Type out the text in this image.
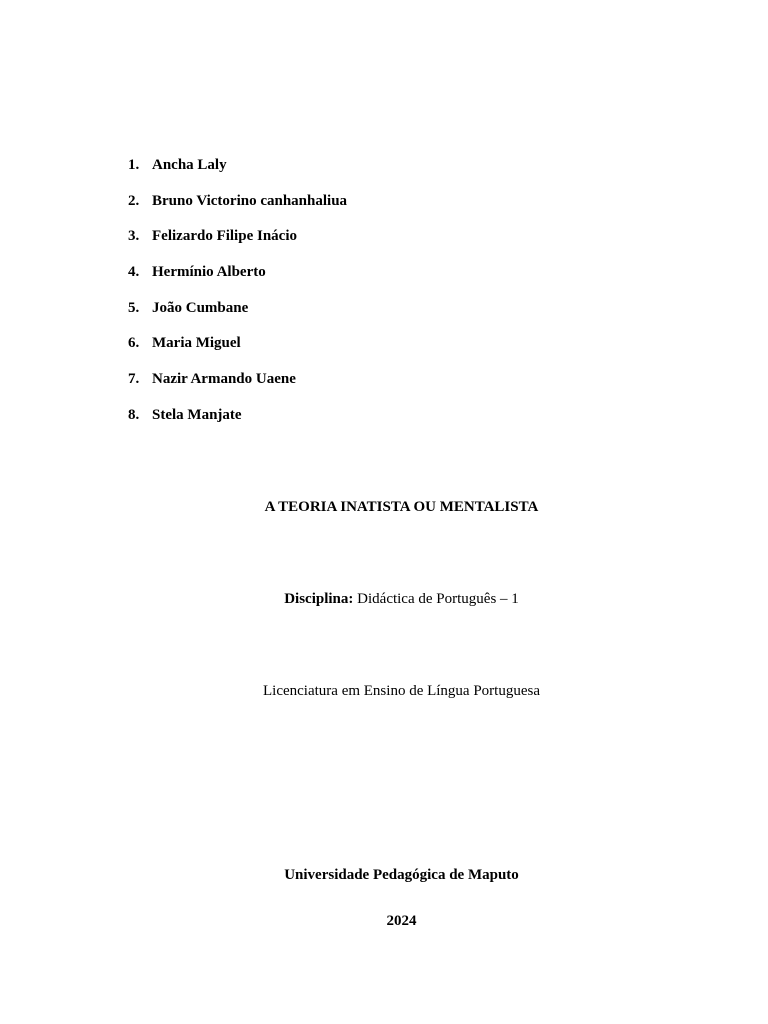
1. Ancha Laly
2. Bruno Victorino canhanhaliua
3. Felizardo Filipe Inácio
4. Hermínio Alberto
5. João Cumbane
6. Maria Miguel
7. Nazir Armando Uaene
8. Stela Manjate
A TEORIA INATISTA OU MENTALISTA
Disciplina: Didáctica de Português – 1
Licenciatura em Ensino de Língua Portuguesa
Universidade Pedagógica de Maputo
2024
